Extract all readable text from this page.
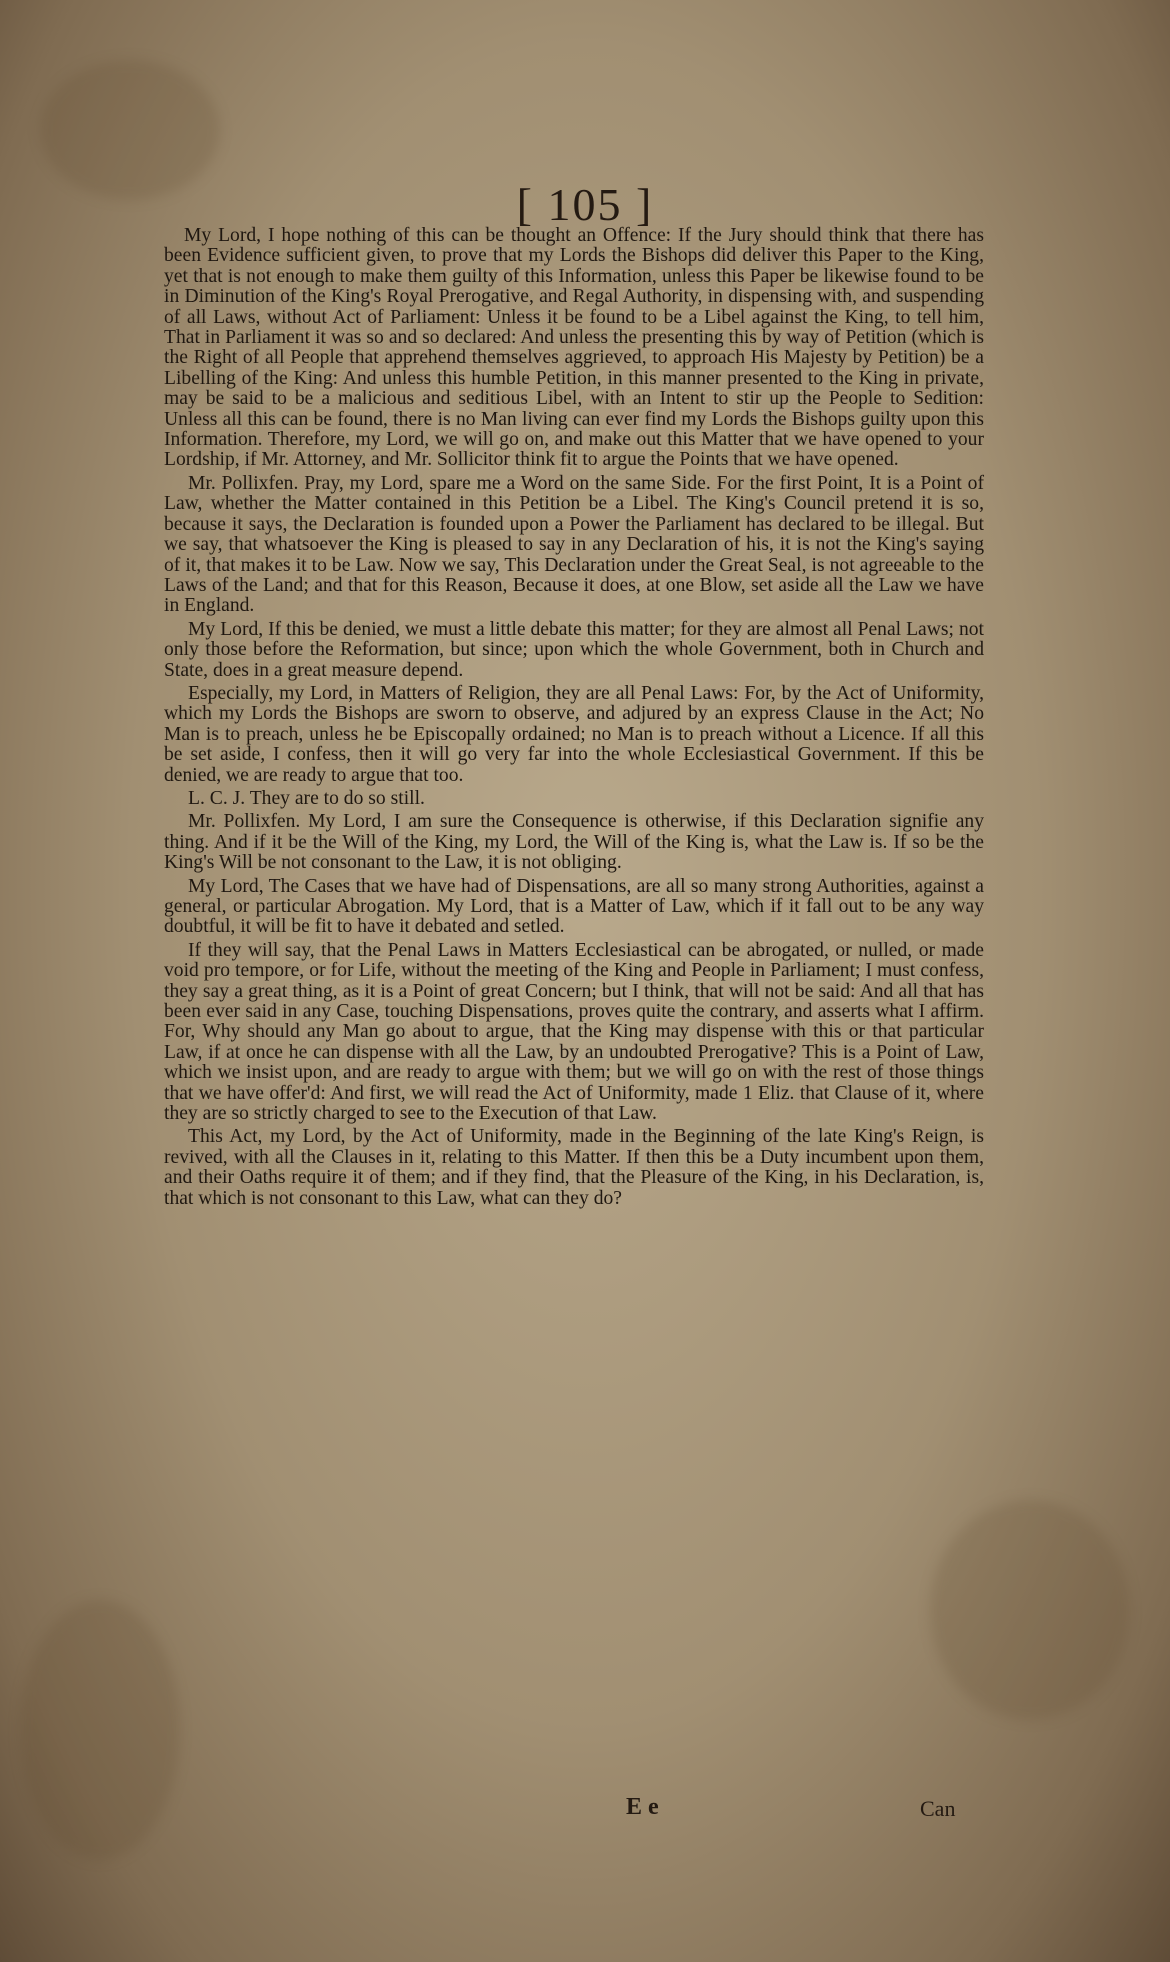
[ 105 ]

My Lord, I hope nothing of this can be thought an Offence: If the Jury should think that there has been Evidence sufficient given, to prove that my Lords the Bishops did deliver this Paper to the King, yet that is not enough to make them guilty of this Information, unless this Paper be likewise found to be in Diminution of the King's Royal Prerogative, and Regal Authority, in dispensing with, and suspending of all Laws, without Act of Parliament: Unless it be found to be a Libel against the King, to tell him, That in Parliament it was so and so declared: And unless the presenting this by way of Petition (which is the Right of all People that apprehend themselves aggrieved, to approach His Majesty by Petition) be a Libelling of the King: And unless this humble Petition, in this manner presented to the King in private, may be said to be a malicious and seditious Libel, with an Intent to stir up the People to Sedition: Unless all this can be found, there is no Man living can ever find my Lords the Bishops guilty upon this Information. Therefore, my Lord, we will go on, and make out this Matter that we have opened to your Lordship, if Mr. Attorney, and Mr. Sollicitor think fit to argue the Points that we have opened.

Mr. Pollixfen. Pray, my Lord, spare me a Word on the same Side. For the first Point, It is a Point of Law, whether the Matter contained in this Petition be a Libel. The King's Council pretend it is so, because it says, the Declaration is founded upon a Power the Parliament has declared to be illegal. But we say, that whatsoever the King is pleased to say in any Declaration of his, it is not the King's saying of it, that makes it to be Law. Now we say, This Declaration under the Great Seal, is not agreeable to the Laws of the Land; and that for this Reason, Because it does, at one Blow, set aside all the Law we have in England.

My Lord, If this be denied, we must a little debate this matter; for they are almost all Penal Laws; not only those before the Reformation, but since; upon which the whole Government, both in Church and State, does in a great measure depend.

Especially, my Lord, in Matters of Religion, they are all Penal Laws: For, by the Act of Uniformity, which my Lords the Bishops are sworn to observe, and adjured by an express Clause in the Act; No Man is to preach, unless he be Episcopally ordained; no Man is to preach without a Licence. If all this be set aside, I confess, then it will go very far into the whole Ecclesiastical Government. If this be denied, we are ready to argue that too.

L. C. J. They are to do so still.

Mr. Pollixfen. My Lord, I am sure the Consequence is otherwise, if this Declaration signifie any thing. And if it be the Will of the King, my Lord, the Will of the King is, what the Law is. If so be the King's Will be not consonant to the Law, it is not obliging.

My Lord, The Cases that we have had of Dispensations, are all so many strong Authorities, against a general, or particular Abrogation. My Lord, that is a Matter of Law, which if it fall out to be any way doubtful, it will be fit to have it debated and setled.

If they will say, that the Penal Laws in Matters Ecclesiastical can be abrogated, or nulled, or made void pro tempore, or for Life, without the meeting of the King and People in Parliament; I must confess, they say a great thing, as it is a Point of great Concern; but I think, that will not be said: And all that has been ever said in any Case, touching Dispensations, proves quite the contrary, and asserts what I affirm. For, Why should any Man go about to argue, that the King may dispense with this or that particular Law, if at once he can dispense with all the Law, by an undoubted Prerogative? This is a Point of Law, which we insist upon, and are ready to argue with them; but we will go on with the rest of those things that we have offer'd: And first, we will read the Act of Uniformity, made 1 Eliz. that Clause of it, where they are so strictly charged to see to the Execution of that Law.

This Act, my Lord, by the Act of Uniformity, made in the Beginning of the late King's Reign, is revived, with all the Clauses in it, relating to this Matter. If then this be a Duty incumbent upon them, and their Oaths require it of them; and if they find, that the Pleasure of the King, in his Declaration, is, that which is not consonant to this Law, what can they do?

E e	Can
